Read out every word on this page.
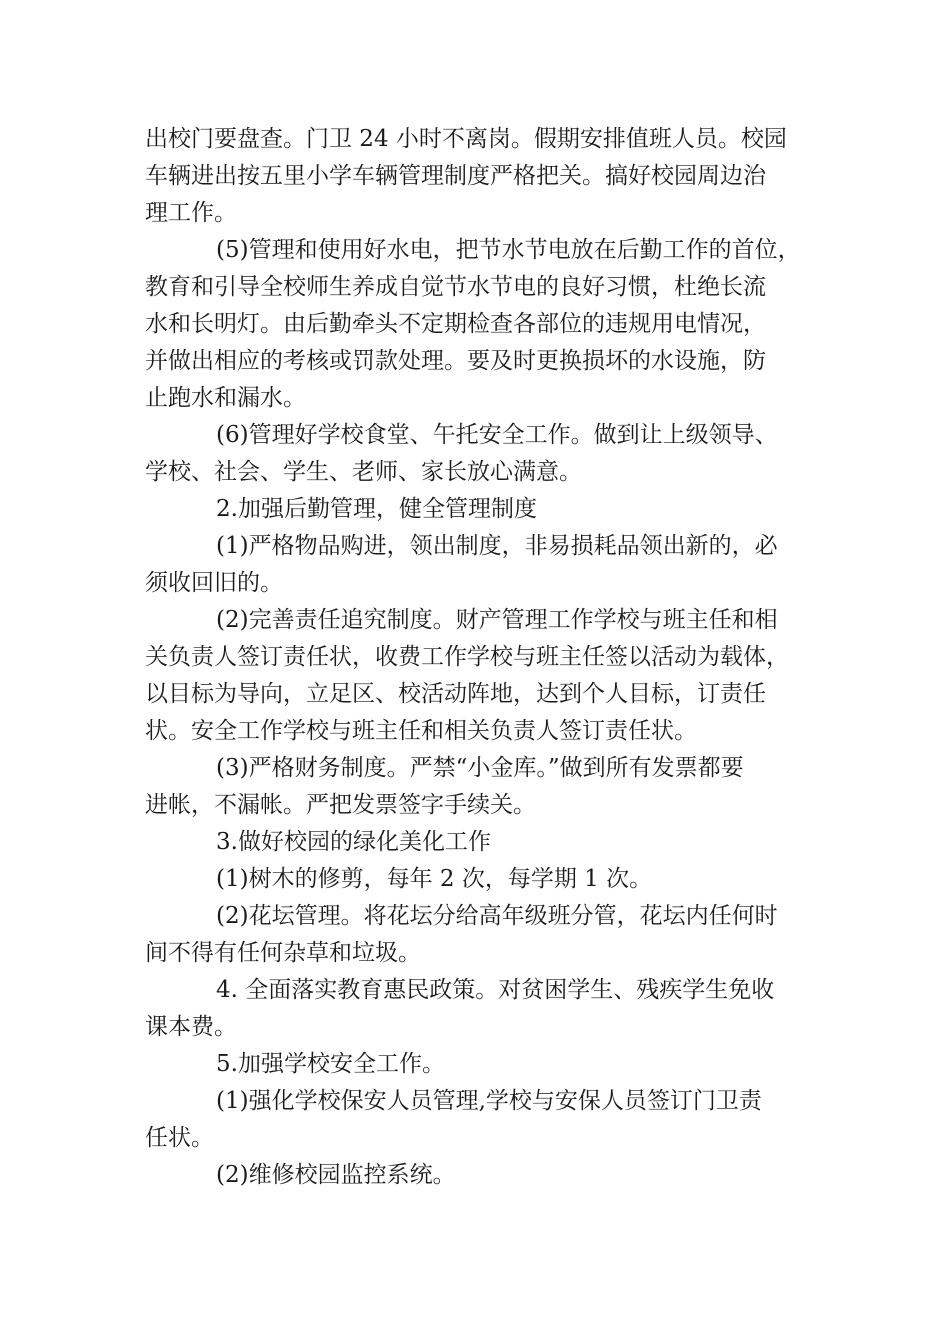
出校门要盘查。门卫 24 小时不离岗。假期安排值班人员。校园
车辆进出按五里小学车辆管理制度严格把关。搞好校园周边治
理工作。
(5)管理和使用好水电，把节水节电放在后勤工作的首位，
教育和引导全校师生养成自觉节水节电的良好习惯，杜绝长流
水和长明灯。由后勤牵头不定期检查各部位的违规用电情况，
并做出相应的考核或罚款处理。要及时更换损坏的水设施，防
止跑水和漏水。
(6)管理好学校食堂、午托安全工作。做到让上级领导、
学校、社会、学生、老师、家长放心满意。
2.加强后勤管理，健全管理制度
(1)严格物品购进，领出制度，非易损耗品领出新的，必
须收回旧的。
(2)完善责任追究制度。财产管理工作学校与班主任和相
关负责人签订责任状，收费工作学校与班主任签以活动为载体，
以目标为导向，立足区、校活动阵地，达到个人目标，订责任
状。安全工作学校与班主任和相关负责人签订责任状。
(3)严格财务制度。严禁“小金库。”做到所有发票都要
进帐，不漏帐。严把发票签字手续关。
3.做好校园的绿化美化工作
(1)树木的修剪，每年 2 次，每学期 1 次。
(2)花坛管理。将花坛分给高年级班分管，花坛内任何时
间不得有任何杂草和垃圾。
4. 全面落实教育惠民政策。对贫困学生、残疾学生免收
课本费。
5.加强学校安全工作。
(1)强化学校保安人员管理,学校与安保人员签订门卫责
任状。
(2)维修校园监控系统。
